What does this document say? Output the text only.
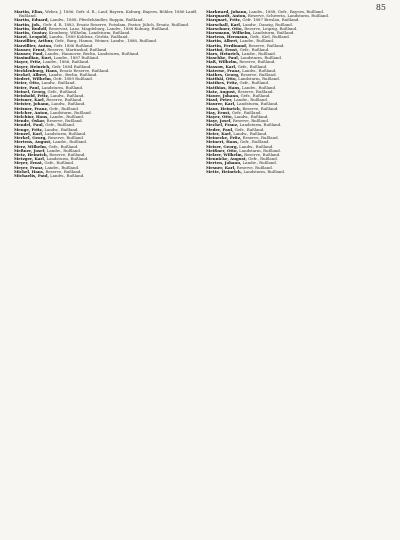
85

Martin, Elias, Weber, J. 1886, Gefr. d. R., Lauf, Bayern, Koburg, Bayern, Böhler, 1886 Lauff, Rußland.

Martin, Eduard, Landw., 1888, Pferdehändler, Ruppin, Rußland.

Martin, Joh., Gefr. d. R. 1883, Ersatz Reserve, Potsdam, Pastor, Jülich, Ersatz, Rußland.

Martin, Rudolf, Reservist, Lanz, Magdeburg, Landw., 1886 Koburg, Rußland.

Martin, Gustav, Kronberg, Wilhelm, Landsturm, Rußland.

Marzi, Leopold, Landw., 1889 Koblenz, Görlitz, Rußland.

Marzillier, Arthur, Gefr., Burg, Hamm, Weiner, Landw., 1888, Rußland.

Marzillier, Anton, Gefr. 1886 Rußland.

Mauser, Ernst, Reserve, Martinshof, Rußland.

Mauser, Paul, Landw., Hannover, Berlin, Landsturm, Rußland.

Maximilian, Kurt, Landw., 1887 Rußland.

Mayer, Fritz, Landw., 1886, Rußland.

Mayer, Heinrich, Gefr. 1884 Rußland.

Mecklenburg, Hans, Ersatz Reserve, Rußland.

Meckel, Albert, Landw., Berlin, Rußland.

Medert, Wilhelm, Gefr. 1889 Rußland.

Meier, Otto, Landw., Rußland.

Meier, Paul, Landsturm, Rußland.

Meinel, Georg, Gefr., Rußland.

Meinhold, Fritz, Landw., Rußland.

Meisner, Karl, Reserve, Rußland.

Meister, Johann, Landw., Rußland.

Meixner, Franz, Gefr., Rußland.

Melcher, Anton, Landsturm, Rußland.

Melchior, Hans, Landw., Rußland.

Mende, Oskar, Reserve, Rußland.

Mendel, Paul, Gefr., Rußland.

Menge, Fritz, Landw., Rußland.

Menzel, Karl, Landsturm, Rußland.

Merkel, Georg, Reserve, Rußland.

Mertens, August, Landw., Rußland.

Merz, Wilhelm, Gefr., Rußland.

Meßner, Josef, Landw., Rußland.

Metz, Heinrich, Reserve, Rußland.

Metzger, Karl, Landsturm, Rußland.

Meyer, Ernst, Gefr., Rußland.

Meyer, Franz, Landw., Rußland.

Michel, Hans, Reserve, Rußland.

Michaelis, Paul, Landw., Rußland.

Markward, Johann, Landw., 1888, Gefr., Bayern, Rußland.

Marquardt, Anton, Reserve, Schwerin, Landsturm, Rußland.

Marquart, Fritz, Gefr. 1887 Breslau, Rußland.

Marschall, Karl, Landw., Danzig, Rußland.

Marschner, Otto, Reserve, Leipzig, Rußland.

Marsmann, Wilhelm, Landsturm, Rußland.

Martens, Hermann, Gefr., Kiel, Rußland.

Martin, Albert, Landw., Rußland.

Martin, Ferdinand, Reserve, Rußland.

Martini, Ernst, Gefr., Rußland.

Marx, Heinrich, Landw., Rußland.

Maschke, Paul, Landsturm, Rußland.

Maß, Wilhelm, Reserve, Rußland.

Massow, Karl, Gefr., Rußland.

Materne, Franz, Landw., Rußland.

Mathes, Georg, Reserve, Rußland.

Matthäi, Otto, Landsturm, Rußland.

Matthes, Fritz, Gefr., Rußland.

Matthias, Hans, Landw., Rußland.

Matz, August, Reserve, Rußland.

Mauer, Johann, Gefr., Rußland.

Maul, Peter, Landw., Rußland.

Maurer, Karl, Landsturm, Rußland.

Maus, Heinrich, Reserve, Rußland.

May, Ernst, Gefr., Rußland.

Mayer, Otto, Landw., Rußland.

Mayr, Josef, Reserve, Rußland.

Mechel, Franz, Landsturm, Rußland.

Meder, Paul, Gefr., Rußland.

Meier, Karl, Landw., Rußland.

Meinecke, Fritz, Reserve, Rußland.

Meinert, Hans, Gefr., Rußland.

Meiser, Georg, Landw., Rußland.

Meißner, Otto, Landsturm, Rußland.

Melzer, Wilhelm, Reserve, Rußland.

Mennicke, August, Gefr., Rußland.

Merten, Johann, Landw., Rußland.

Mesner, Karl, Reserve, Rußland.

Mette, Heinrich, Landsturm, Rußland.
